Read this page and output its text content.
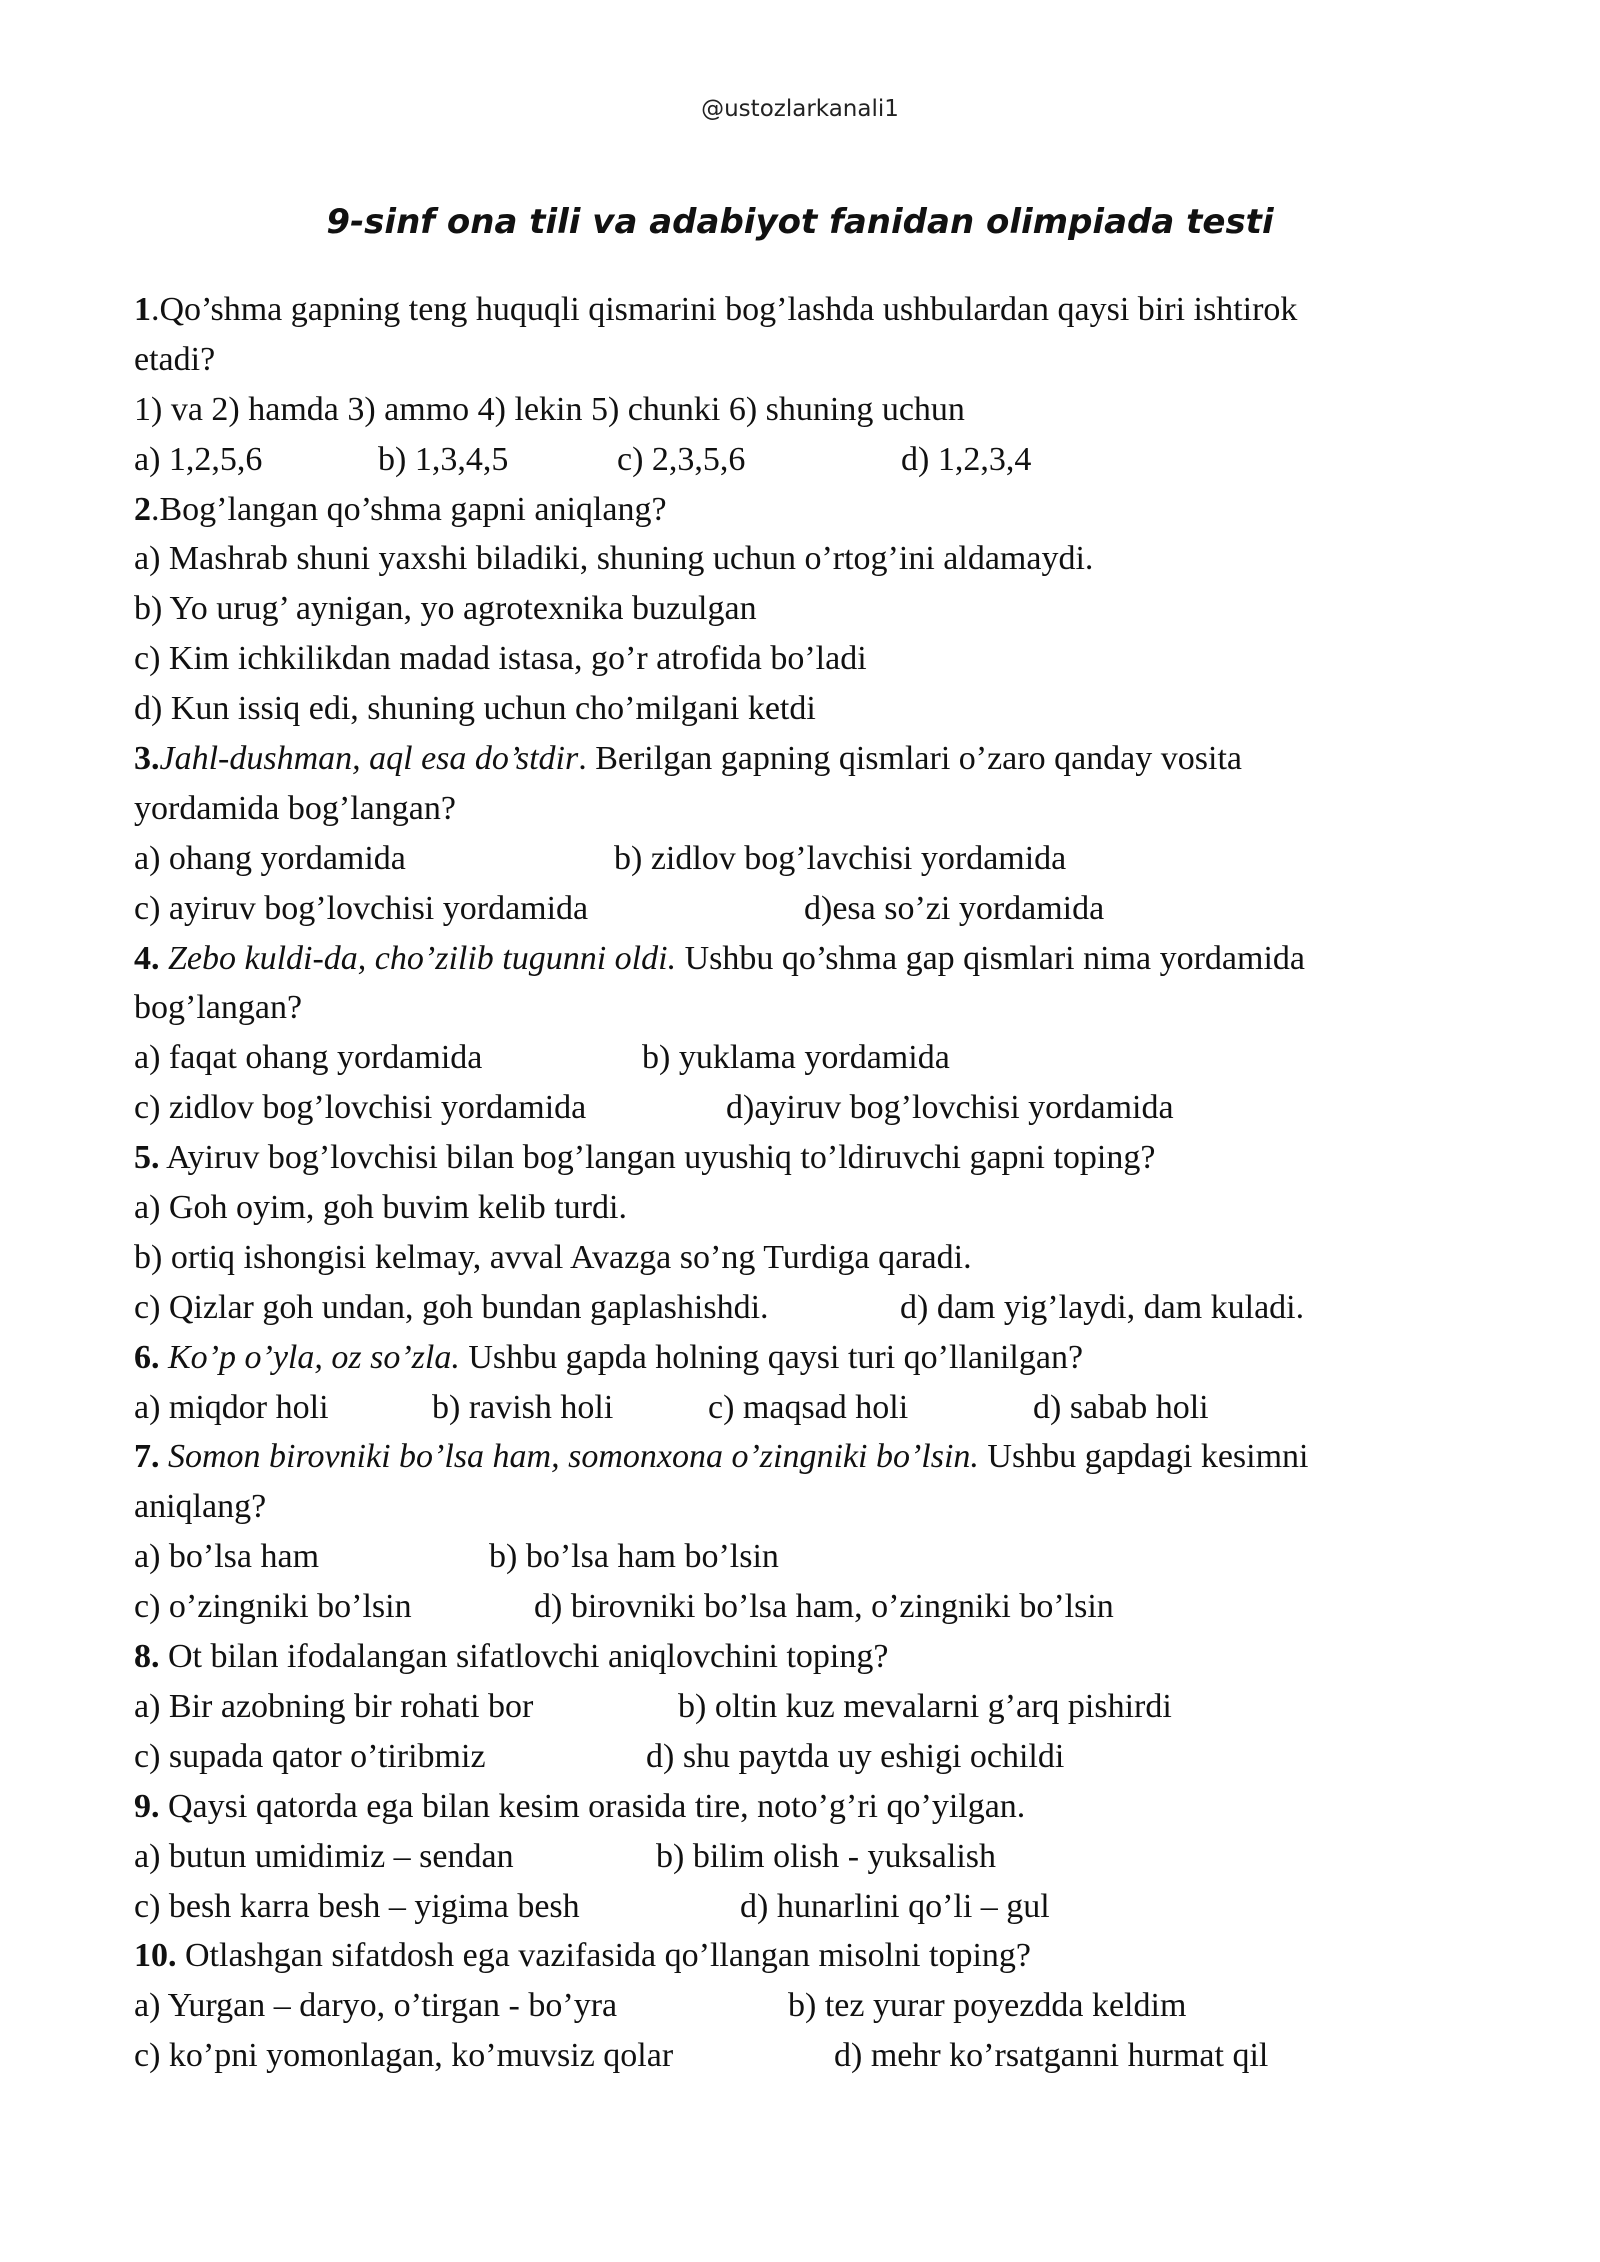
@ustozlarkanali1
9-sinf ona tili va adabiyot fanidan olimpiada testi
1.Qo’shma gapning teng huquqli qismarini bog’lashda ushbulardan qaysi biri ishtirok
etadi?
1) va 2) hamda 3) ammo 4) lekin 5) chunki 6) shuning uchun
a) 1,2,5,6	b) 1,3,4,5	c) 2,3,5,6	d) 1,2,3,4
2.Bog’langan qo’shma gapni aniqlang?
a) Mashrab shuni yaxshi biladiki, shuning uchun o’rtog’ini aldamaydi.
b) Yo urug’ aynigan, yo agrotexnika buzulgan
c) Kim ichkilikdan madad istasa, go’r atrofida bo’ladi
d) Kun issiq edi, shuning uchun cho’milgani ketdi
3.Jahl-dushman, aql esa do’stdir. Berilgan gapning qismlari o’zaro qanday vosita
yordamida bog’langan?
a) ohang yordamida	b) zidlov bog’lavchisi yordamida
c) ayiruv bog’lovchisi yordamida	d)esa so’zi yordamida
4. Zebo kuldi-da, cho’zilib tugunni oldi. Ushbu qo’shma gap qismlari nima yordamida
bog’langan?
a) faqat ohang yordamida	b) yuklama yordamida
c) zidlov bog’lovchisi yordamida	d)ayiruv bog’lovchisi yordamida
5. Ayiruv bog’lovchisi bilan bog’langan uyushiq to’ldiruvchi gapni toping?
a) Goh oyim, goh buvim kelib turdi.
b) ortiq ishongisi kelmay, avval Avazga so’ng Turdiga qaradi.
c) Qizlar goh undan, goh bundan gaplashishdi.	d) dam yig’laydi, dam kuladi.
6. Ko’p o’yla, oz so’zla. Ushbu gapda holning qaysi turi qo’llanilgan?
a) miqdor holi	b) ravish holi	c) maqsad holi	d) sabab holi
7. Somon birovniki bo’lsa ham, somonxona o’zingniki bo’lsin. Ushbu gapdagi kesimni
aniqlang?
a) bo’lsa ham	b) bo’lsa ham bo’lsin
c) o’zingniki bo’lsin	d) birovniki bo’lsa ham, o’zingniki bo’lsin
8. Ot bilan ifodalangan sifatlovchi aniqlovchini toping?
a) Bir azobning bir rohati bor	b) oltin kuz mevalarni g’arq pishirdi
c) supada qator o’tiribmiz	d) shu paytda uy eshigi ochildi
9. Qaysi qatorda ega bilan kesim orasida tire, noto’g’ri qo’yilgan.
a) butun umidimiz – sendan	b) bilim olish - yuksalish
c) besh karra besh – yigima besh	d) hunarlini qo’li – gul
10. Otlashgan sifatdosh ega vazifasida qo’llangan misolni toping?
a) Yurgan – daryo, o’tirgan - bo’yra	b) tez yurar poyezdda keldim
c) ko’pni yomonlagan, ko’muvsiz qolar	d) mehr ko’rsatganni hurmat qil
